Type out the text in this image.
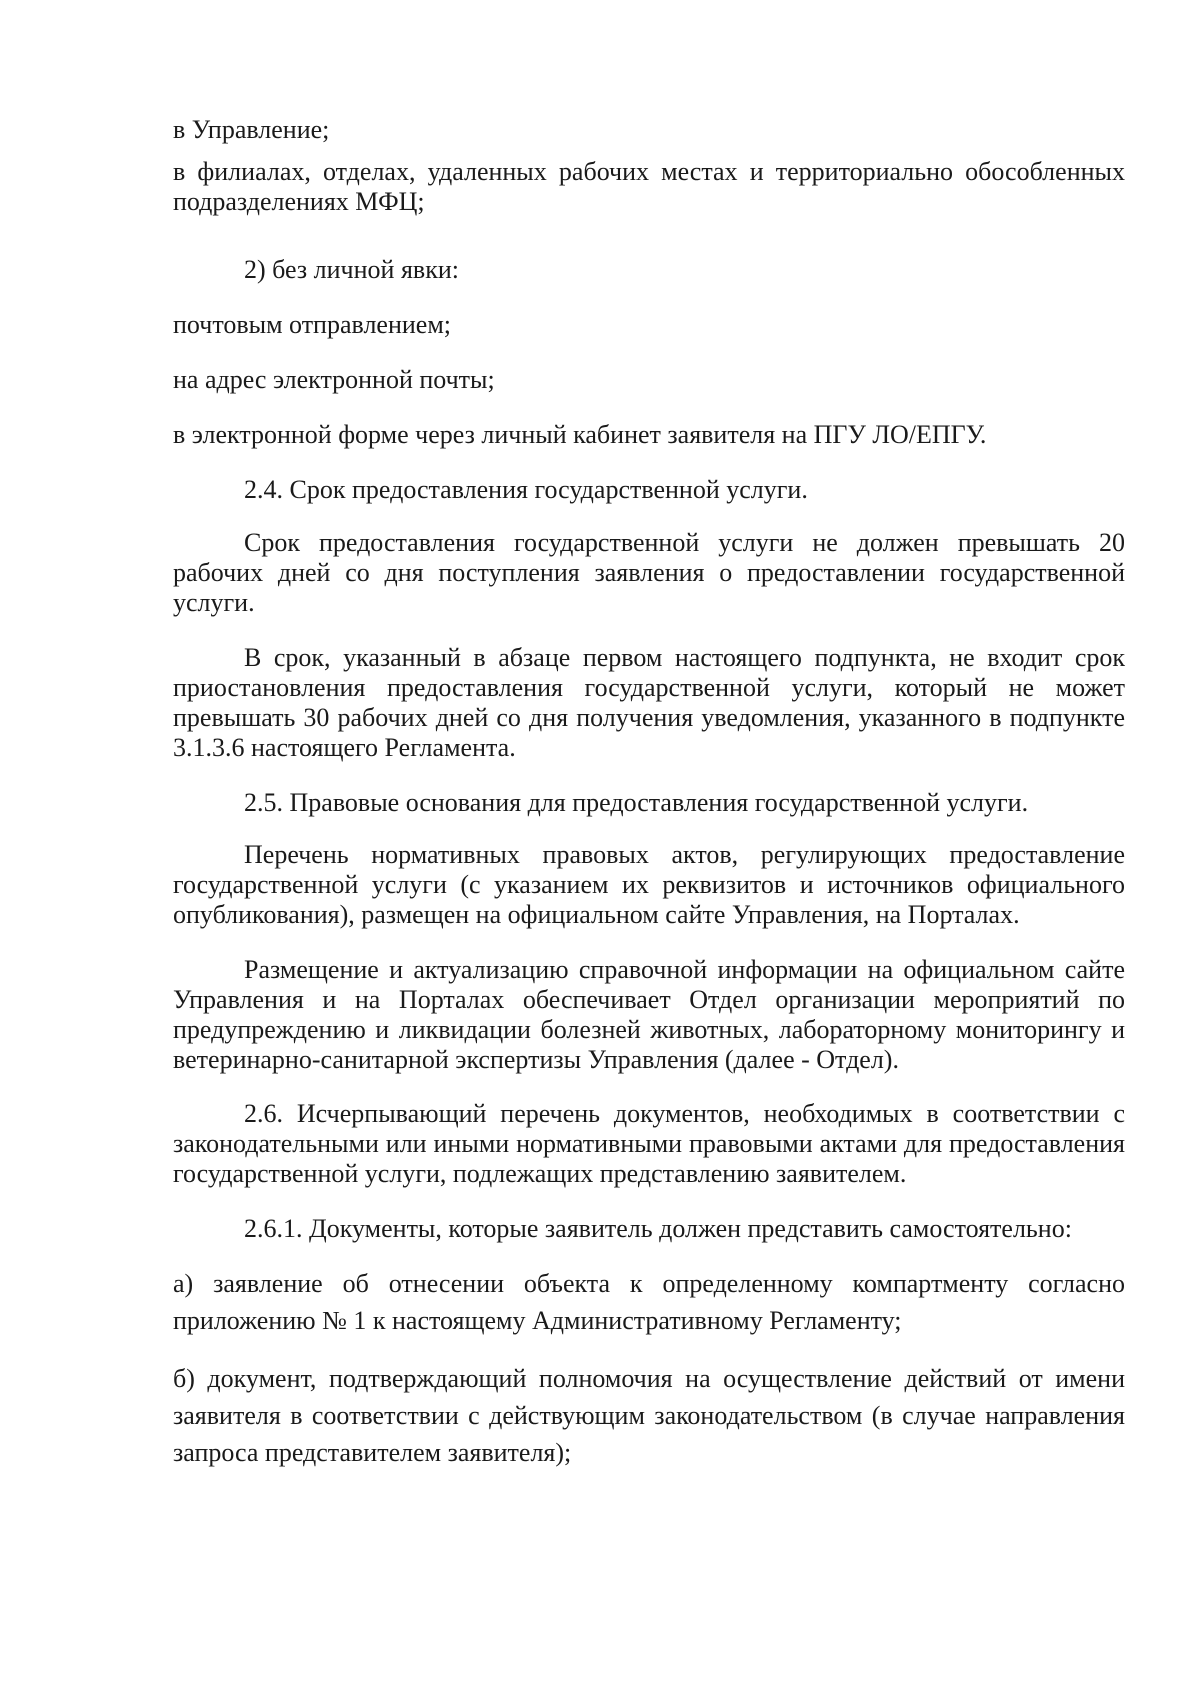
в Управление;

в филиалах, отделах, удаленных рабочих местах и территориально обособленных подразделениях МФЦ;

2) без личной явки:

почтовым отправлением;

на адрес электронной почты;

в электронной форме через личный кабинет заявителя на ПГУ ЛО/ЕПГУ.

2.4. Срок предоставления государственной услуги.

Срок предоставления государственной услуги не должен превышать 20 рабочих дней со дня поступления заявления о предоставлении государственной услуги.

В срок, указанный в абзаце первом настоящего подпункта, не входит срок приостановления предоставления государственной услуги, который не может превышать 30 рабочих дней со дня получения уведомления, указанного в подпункте 3.1.3.6 настоящего Регламента.

2.5. Правовые основания для предоставления государственной услуги.

Перечень нормативных правовых актов, регулирующих предоставление государственной услуги (с указанием их реквизитов и источников официального опубликования), размещен на официальном сайте Управления, на Порталах.

Размещение и актуализацию справочной информации на официальном сайте Управления и на Порталах обеспечивает Отдел организации мероприятий по предупреждению и ликвидации болезней животных, лабораторному мониторингу и ветеринарно-санитарной экспертизы Управления (далее - Отдел).

2.6. Исчерпывающий перечень документов, необходимых в соответствии с законодательными или иными нормативными правовыми актами для предоставления государственной услуги, подлежащих представлению заявителем.

2.6.1. Документы, которые заявитель должен представить самостоятельно:

а) заявление об отнесении объекта к определенному компартменту согласно приложению № 1 к настоящему Административному Регламенту;

б) документ, подтверждающий полномочия на осуществление действий от имени заявителя в соответствии с действующим законодательством (в случае направления запроса представителем заявителя);
